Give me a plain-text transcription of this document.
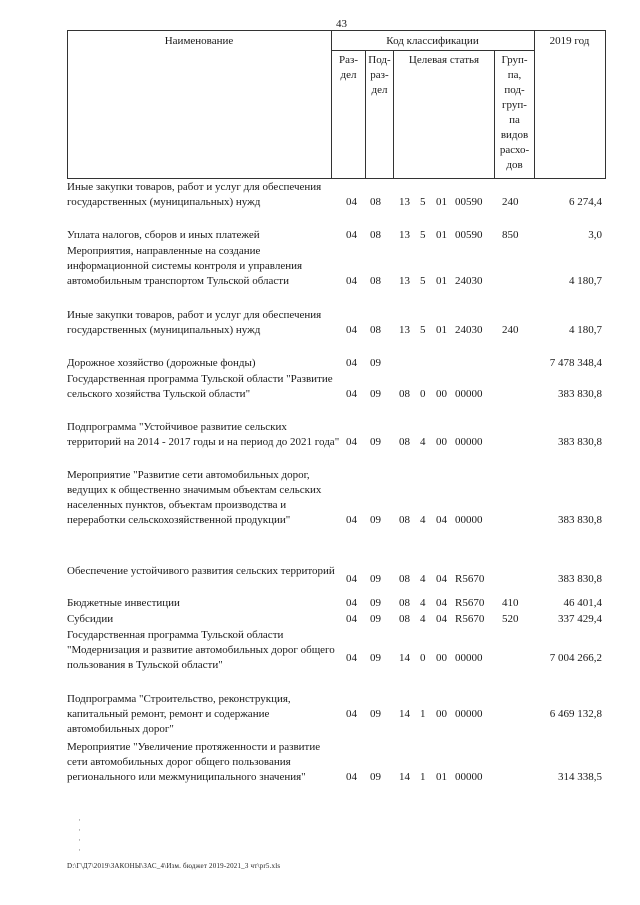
43
Наименование	Код классификации	2019 год
Раз-
дел
Под-
раз-
дел
Целевая статья	Груп-
па,
под-
груп-
па
видов
расхо-
дов
Иные закупки товаров, работ и услуг для обеспечения государственных (муниципальных) нужд	04 08 13 5 01 00590 240	6 274,4
Уплата налогов, сборов и иных платежей	04 08 13 5 01 00590 850	3,0
Мероприятия, направленные на создание информационной системы контроля и управления автомобильным транспортом Тульской области	04 08 13 5 01 24030	4 180,7
Иные закупки товаров, работ и услуг для обеспечения государственных (муниципальных) нужд	04 08 13 5 01 24030 240	4 180,7
Дорожное хозяйство (дорожные фонды)	04 09	7 478 348,4
Государственная программа Тульской области "Развитие сельского хозяйства Тульской области"	04 09 08 0 00 00000	383 830,8
Подпрограмма "Устойчивое развитие сельских территорий на 2014 - 2017 годы и на период до 2021 года" 04 09 08 4 00 00000	383 830,8
Мероприятие "Развитие сети автомобильных дорог, ведущих к общественно значимым объектам сельских населенных пунктов, объектам производства и переработки сельскохозяйственной продукции"	04 09 08 4 04 00000	383 830,8
Обеспечение устойчивого развития сельских территорий
04 09 08 4 04 R5670	383 830,8
Бюджетные инвестиции	04 09 08 4 04 R5670 410	46 401,4
Субсидии	04 09 08 4 04 R5670 520	337 429,4
Государственная программа Тульской области "Модернизация и развитие автомобильных дорог общего пользования в Тульской области"
04 09 14 0 00 00000	7 004 266,2
Подпрограмма "Строительство, реконструкция, капитальный ремонт, ремонт и содержание автомобильных дорог"
04 09 14 1 00 00000	6 469 132,8
Мероприятие "Увеличение протяженности и развитие сети автомобильных дорог общего пользования регионального или межмуниципального значения"	04 09 14 1 01 00000	314 338,5
·
·
·
·
D:\Г\Д7\2019\ЗАКОНЫ\ЗАС_4\Изм. бюджет 2019-2021_3 чт\pr5.xls
